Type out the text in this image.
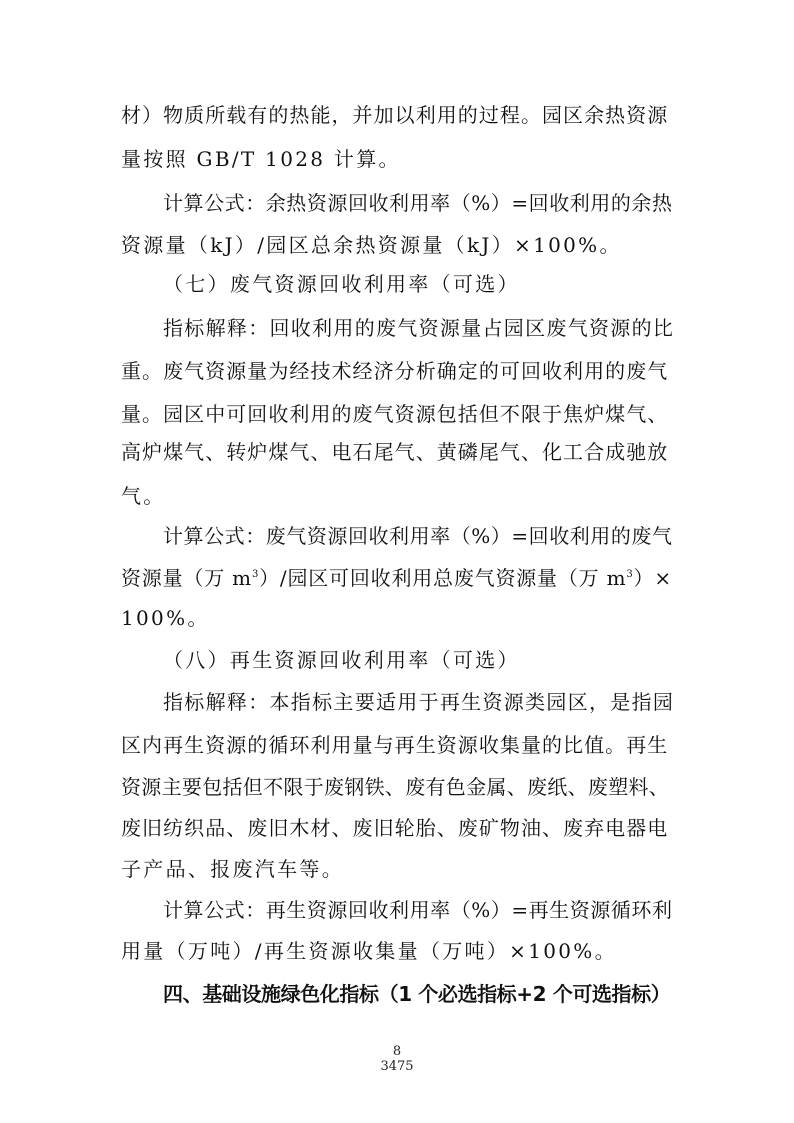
材）物质所载有的热能，并加以利用的过程。园区余热资源
量按照 GB/T 1028 计算。
计算公式：余热资源回收利用率（%）=回收利用的余热
资源量（kJ）/园区总余热资源量（kJ）×100%。
（七）废气资源回收利用率（可选）
指标解释：回收利用的废气资源量占园区废气资源的比
重。废气资源量为经技术经济分析确定的可回收利用的废气
量。园区中可回收利用的废气资源包括但不限于焦炉煤气、
高炉煤气、转炉煤气、电石尾气、黄磷尾气、化工合成驰放
气。
计算公式：废气资源回收利用率（%）=回收利用的废气
资源量（万 $m^3)/$园区可回收利用总废气资源量（万 $m^3)\times$
100%。
（八）再生资源回收利用率（可选）
指标解释：本指标主要适用于再生资源类园区，是指园
区内再生资源的循环利用量与再生资源收集量的比值。再生
资源主要包括但不限于废钢铁、废有色金属、废纸、废塑料、
废旧纺织品、废旧木材、废旧轮胎、废矿物油、废弃电器电
子产品、报废汽车等。
计算公式：再生资源回收利用率（%）=再生资源循环利
用量（万吨）/再生资源收集量（万吨）×100%。
四、基础设施绿色化指标（1 个必选指标+2 个可选指标）
8
3475
